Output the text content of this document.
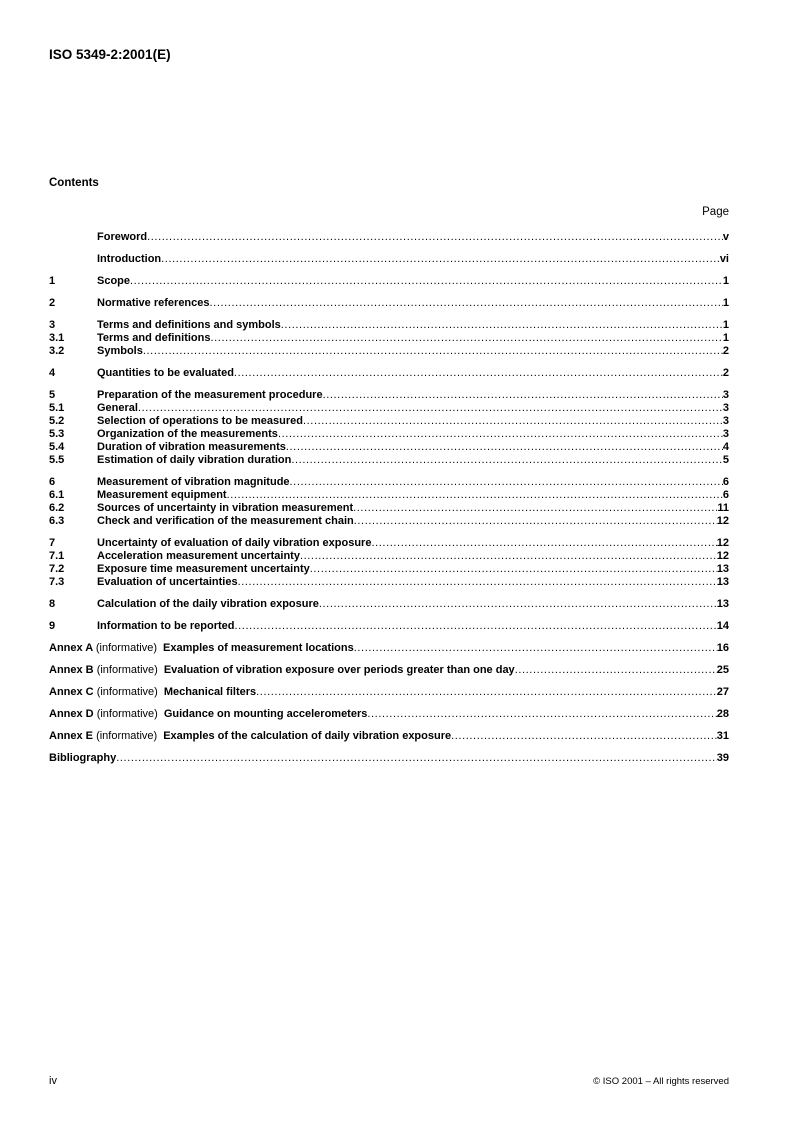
ISO 5349-2:2001(E)
Contents
Page
Foreword .....	v
Introduction .....	vi
1	Scope .....	1
2	Normative references .....	1
3	Terms and definitions and symbols .....	1
3.1	Terms and definitions .....	1
3.2	Symbols .....	2
4	Quantities to be evaluated .....	2
5	Preparation of the measurement procedure .....	3
5.1	General .....	3
5.2	Selection of operations to be measured .....	3
5.3	Organization of the measurements .....	3
5.4	Duration of vibration measurements .....	4
5.5	Estimation of daily vibration duration .....	5
6	Measurement of vibration magnitude .....	6
6.1	Measurement equipment .....	6
6.2	Sources of uncertainty in vibration measurement .....	11
6.3	Check and verification of the measurement chain .....	12
7	Uncertainty of evaluation of daily vibration exposure .....	12
7.1	Acceleration measurement uncertainty .....	12
7.2	Exposure time measurement uncertainty .....	13
7.3	Evaluation of uncertainties .....	13
8	Calculation of the daily vibration exposure .....	13
9	Information to be reported .....	14
Annex A (informative) Examples of measurement locations .....	16
Annex B (informative) Evaluation of vibration exposure over periods greater than one day .....	25
Annex C (informative) Mechanical filters .....	27
Annex D (informative) Guidance on mounting accelerometers .....	28
Annex E (informative) Examples of the calculation of daily vibration exposure .....	31
Bibliography .....	39
iv	© ISO 2001 – All rights reserved
